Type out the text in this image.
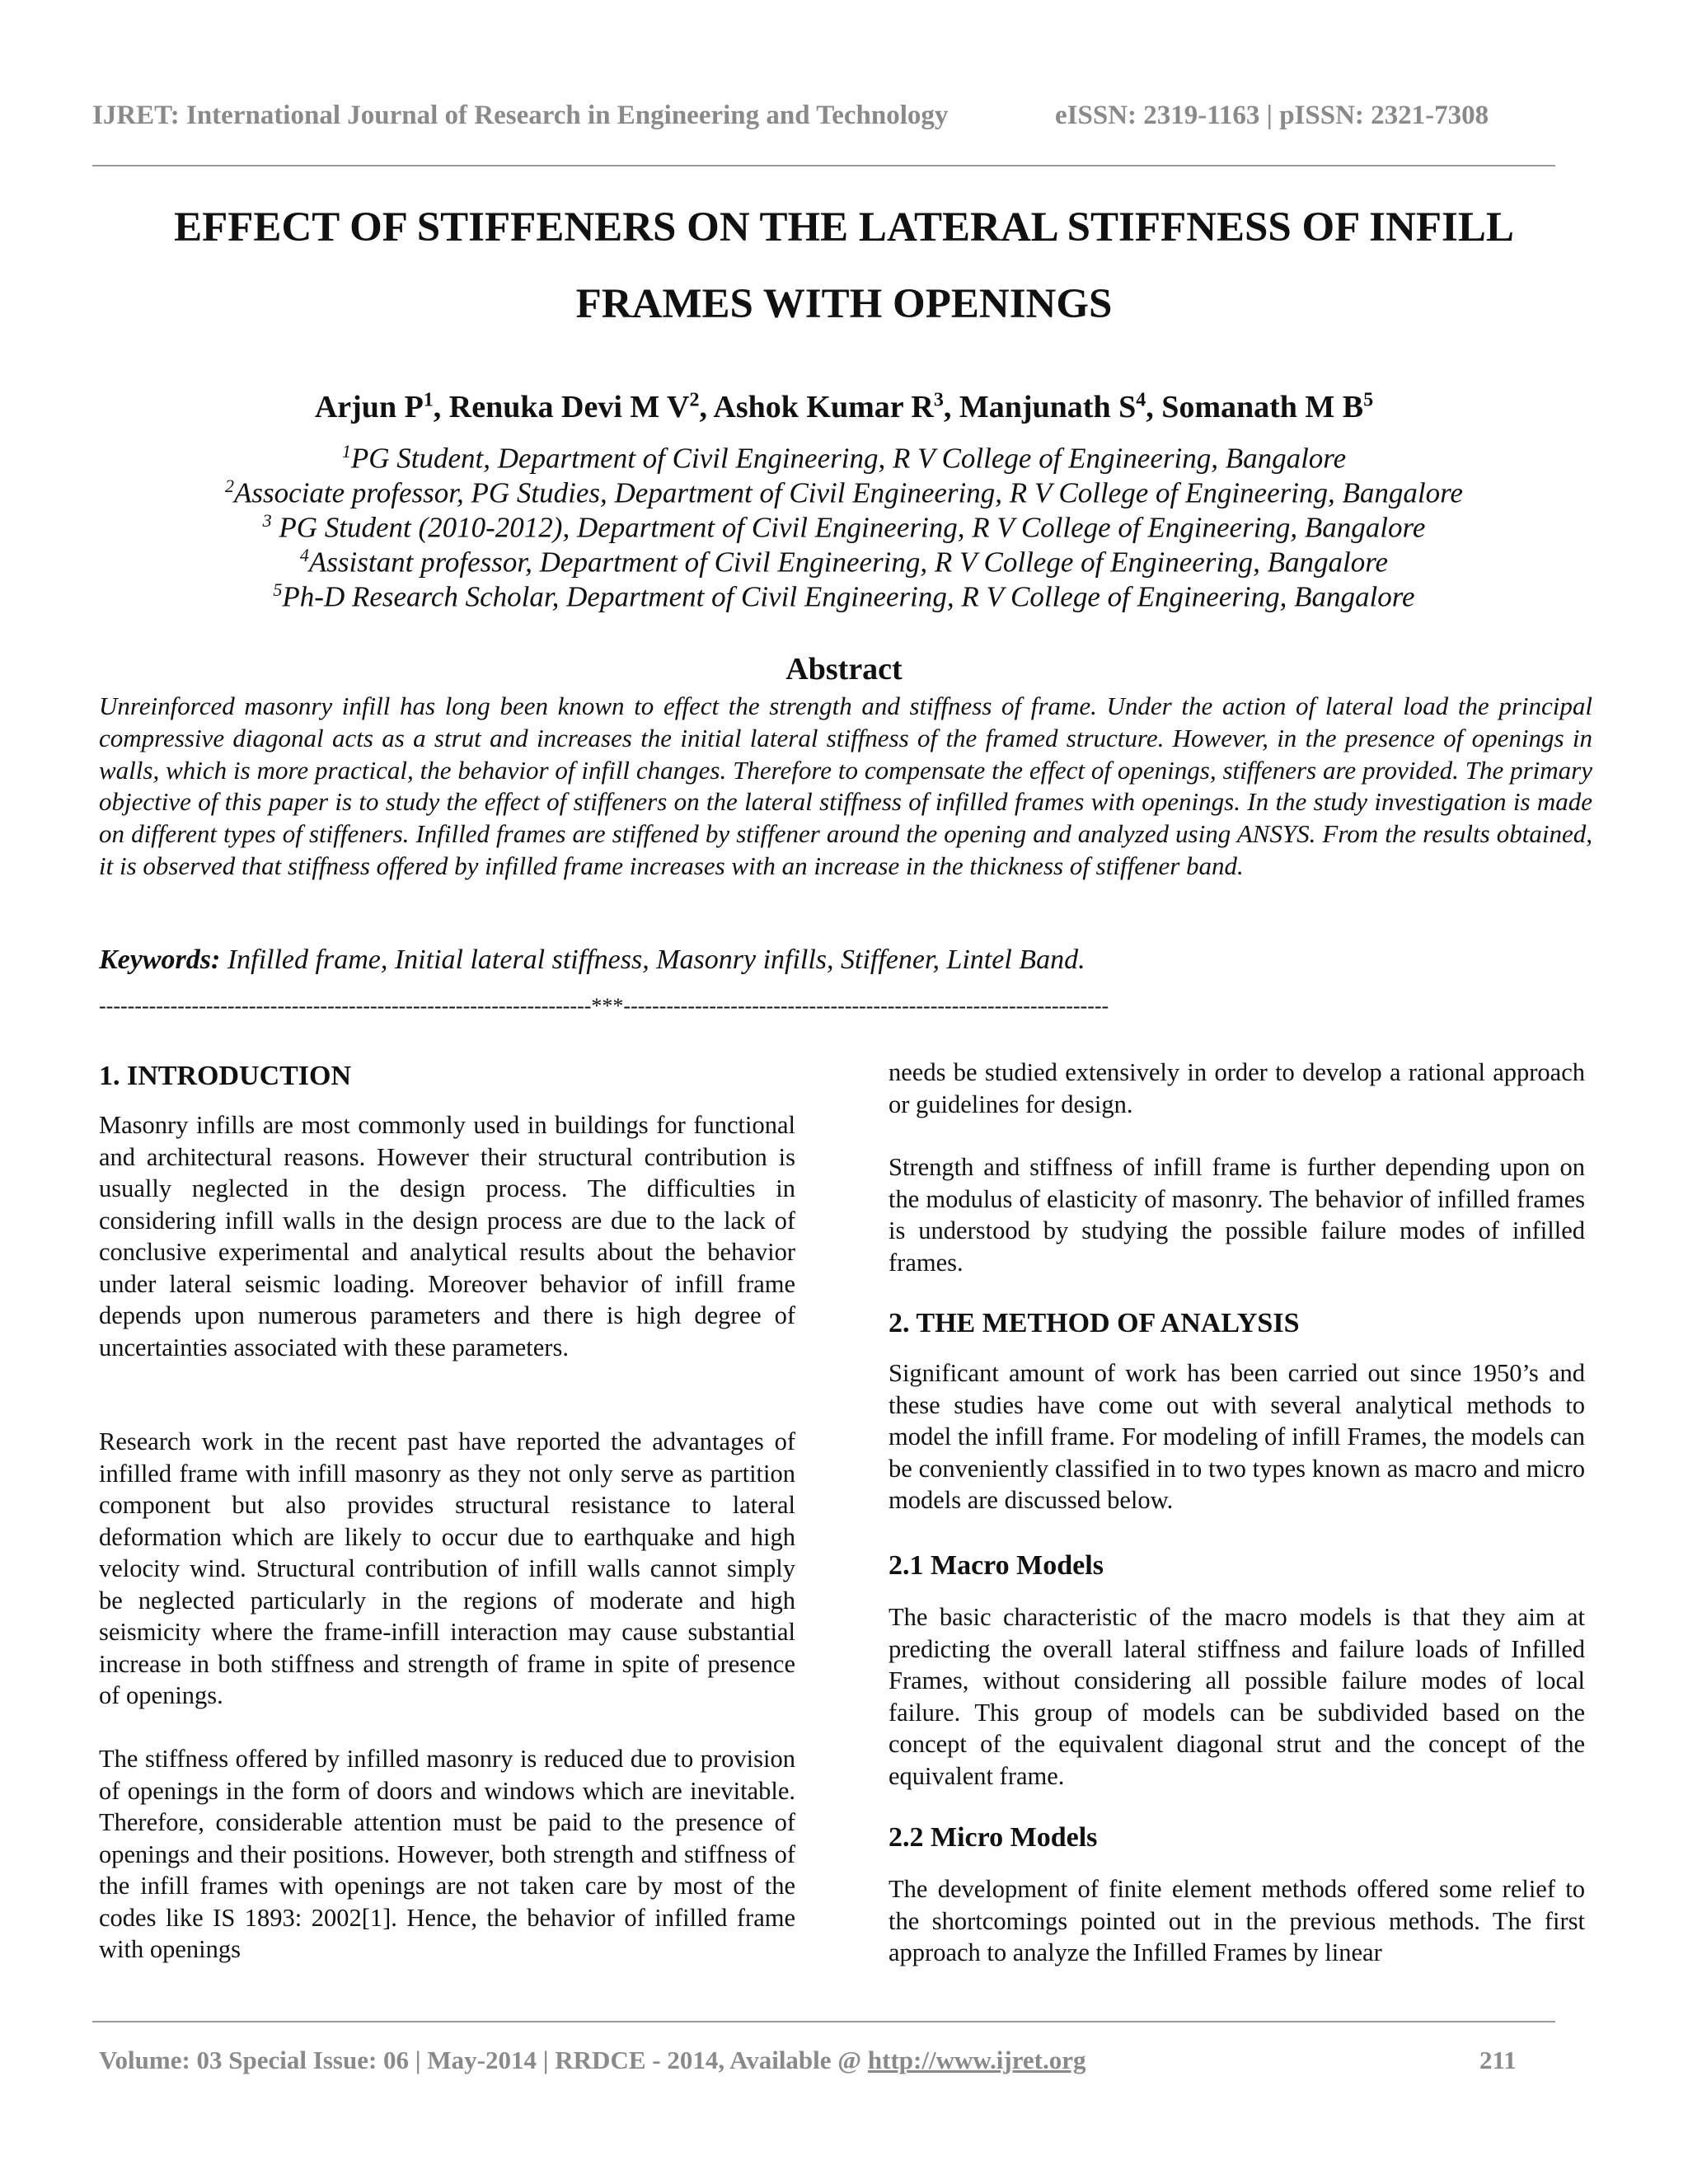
IJRET: International Journal of Research in Engineering and Technology	eISSN: 2319-1163 | pISSN: 2321-7308
EFFECT OF STIFFENERS ON THE LATERAL STIFFNESS OF INFILL
FRAMES WITH OPENINGS
Arjun $P^1$, Renuka Devi M $V^2$, Ashok Kumar $R^3$, Manjunath $S^4$, Somanath M $B^5$
$^1$PG Student, Department of Civil Engineering, R V College of Engineering, Bangalore
$^2$Associate professor, PG Studies, Department of Civil Engineering, R V College of Engineering, Bangalore
$^3$ PG Student (2010-2012), Department of Civil Engineering, R V College of Engineering, Bangalore
$^4$Assistant professor, Department of Civil Engineering, R V College of Engineering, Bangalore
$^5$Ph-D Research Scholar, Department of Civil Engineering, R V College of Engineering, Bangalore
Abstract

Unreinforced masonry infill has long been known to effect the strength and stiffness of frame. Under the action of lateral load the principal compressive diagonal acts as a strut and increases the initial lateral stiffness of the framed structure. However, in the presence of openings in walls, which is more practical, the behavior of infill changes. Therefore to compensate the effect of openings, stiffeners are provided. The primary objective of this paper is to study the effect of stiffeners on the lateral stiffness of infilled frames with openings. In the study investigation is made on different types of stiffeners. Infilled frames are stiffened by stiffener around the opening and analyzed using ANSYS. From the results obtained, it is observed that stiffness offered by infilled frame increases with an increase in the thickness of stiffener band.

Keywords: Infilled frame, Initial lateral stiffness, Masonry infills, Stiffener, Lintel Band.
---------------------------------------------------------------------***--------------------------------------------------------------------
1. INTRODUCTION

Masonry infills are most commonly used in buildings for functional and architectural reasons. However their structural contribution is usually neglected in the design process. The difficulties in considering infill walls in the design process are due to the lack of conclusive experimental and analytical results about the behavior under lateral seismic loading. Moreover behavior of infill frame depends upon numerous parameters and there is high degree of uncertainties associated with these parameters.

Research work in the recent past have reported the advantages of infilled frame with infill masonry as they not only serve as partition component but also provides structural resistance to lateral deformation which are likely to occur due to earthquake and high velocity wind. Structural contribution of infill walls cannot simply be neglected particularly in the regions of moderate and high seismicity where the frame-infill interaction may cause substantial increase in both stiffness and strength of frame in spite of presence of openings.

The stiffness offered by infilled masonry is reduced due to provision of openings in the form of doors and windows which are inevitable. Therefore, considerable attention must be paid to the presence of openings and their positions. However, both strength and stiffness of the infill frames with openings are not taken care by most of the codes like IS 1893: 2002[1]. Hence, the behavior of infilled frame with openings

needs be studied extensively in order to develop a rational approach or guidelines for design.

Strength and stiffness of infill frame is further depending upon on the modulus of elasticity of masonry. The behavior of infilled frames is understood by studying the possible failure modes of infilled frames.

2. THE METHOD OF ANALYSIS

Significant amount of work has been carried out since 1950’s and these studies have come out with several analytical methods to model the infill frame. For modeling of infill Frames, the models can be conveniently classified in to two types known as macro and micro models are discussed below.

2.1 Macro Models

The basic characteristic of the macro models is that they aim at predicting the overall lateral stiffness and failure loads of Infilled Frames, without considering all possible failure modes of local failure. This group of models can be subdivided based on the concept of the equivalent diagonal strut and the concept of the equivalent frame.

2.2 Micro Models

The development of finite element methods offered some relief to the shortcomings pointed out in the previous methods. The first approach to analyze the Infilled Frames by linear

Volume: 03 Special Issue: 06 | May-2014 | RRDCE - 2014, Available @ http://www.ijret.org	211
